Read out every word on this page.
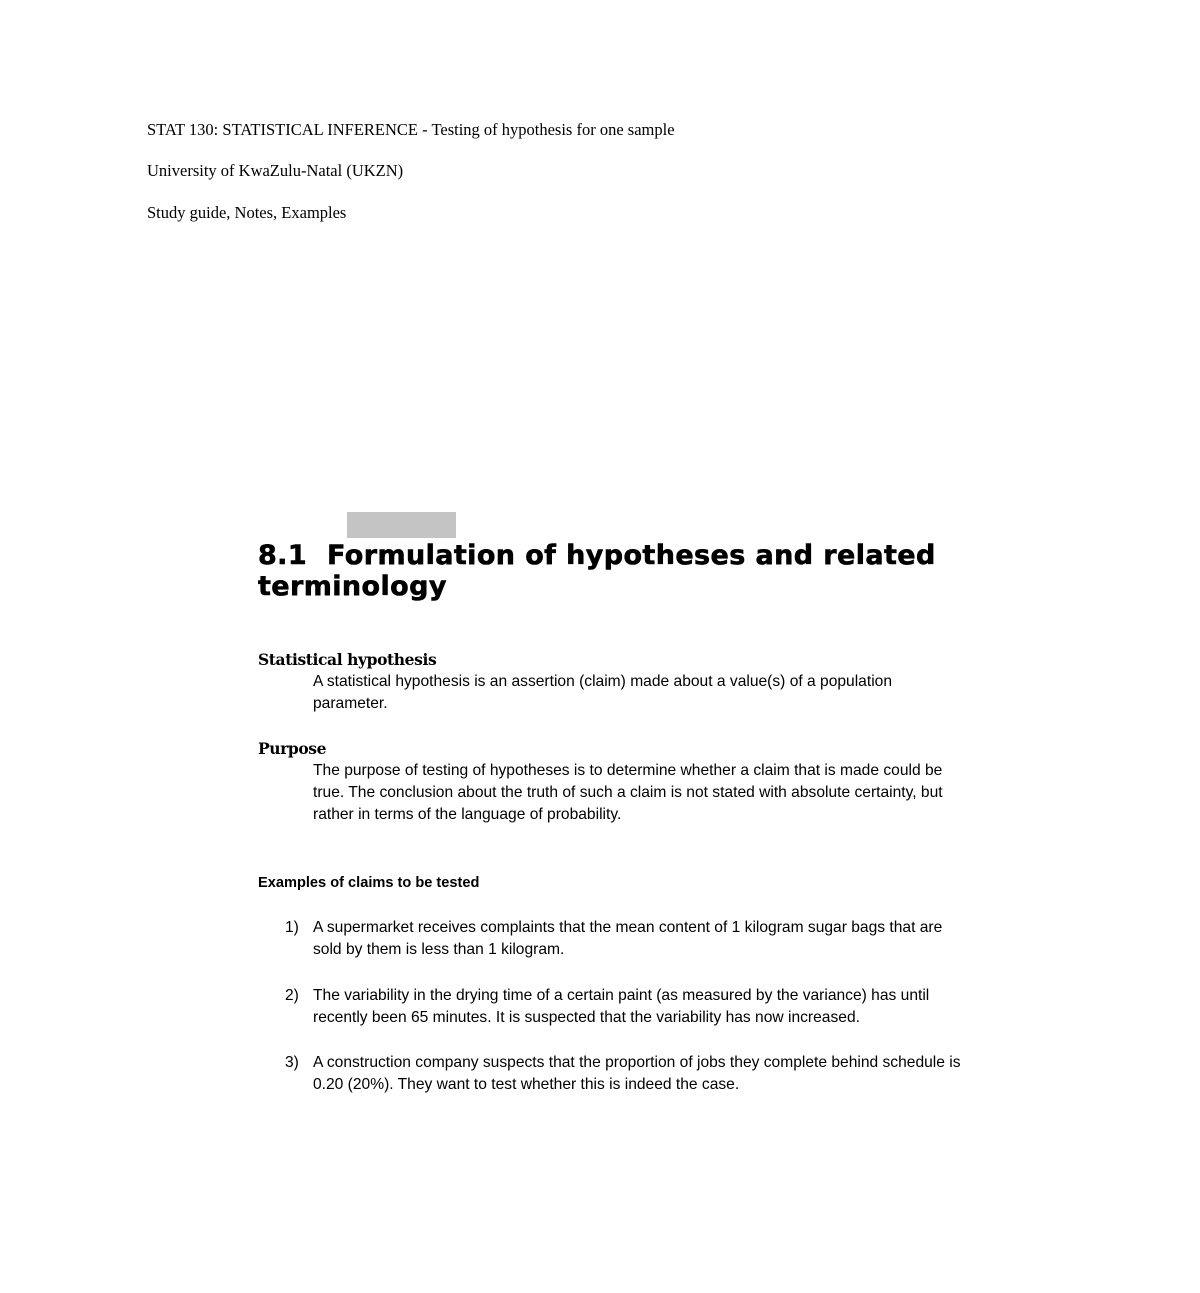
STAT 130: STATISTICAL INFERENCE - Testing of hypothesis for one sample
University of KwaZulu-Natal (UKZN)
Study guide, Notes, Examples
8.1 Formulation of hypotheses and related terminology
Statistical hypothesis

A statistical hypothesis is an assertion (claim) made about a value(s) of a population parameter.

Purpose

The purpose of testing of hypotheses is to determine whether a claim that is made could be true. The conclusion about the truth of such a claim is not stated with absolute certainty, but rather in terms of the language of probability.

Examples of claims to be tested
1) A supermarket receives complaints that the mean content of 1 kilogram sugar bags that are sold by them is less than 1 kilogram.

2) The variability in the drying time of a certain paint (as measured by the variance) has until recently been 65 minutes. It is suspected that the variability has now increased.

3) A construction company suspects that the proportion of jobs they complete behind schedule is 0.20 (20%). They want to test whether this is indeed the case.
